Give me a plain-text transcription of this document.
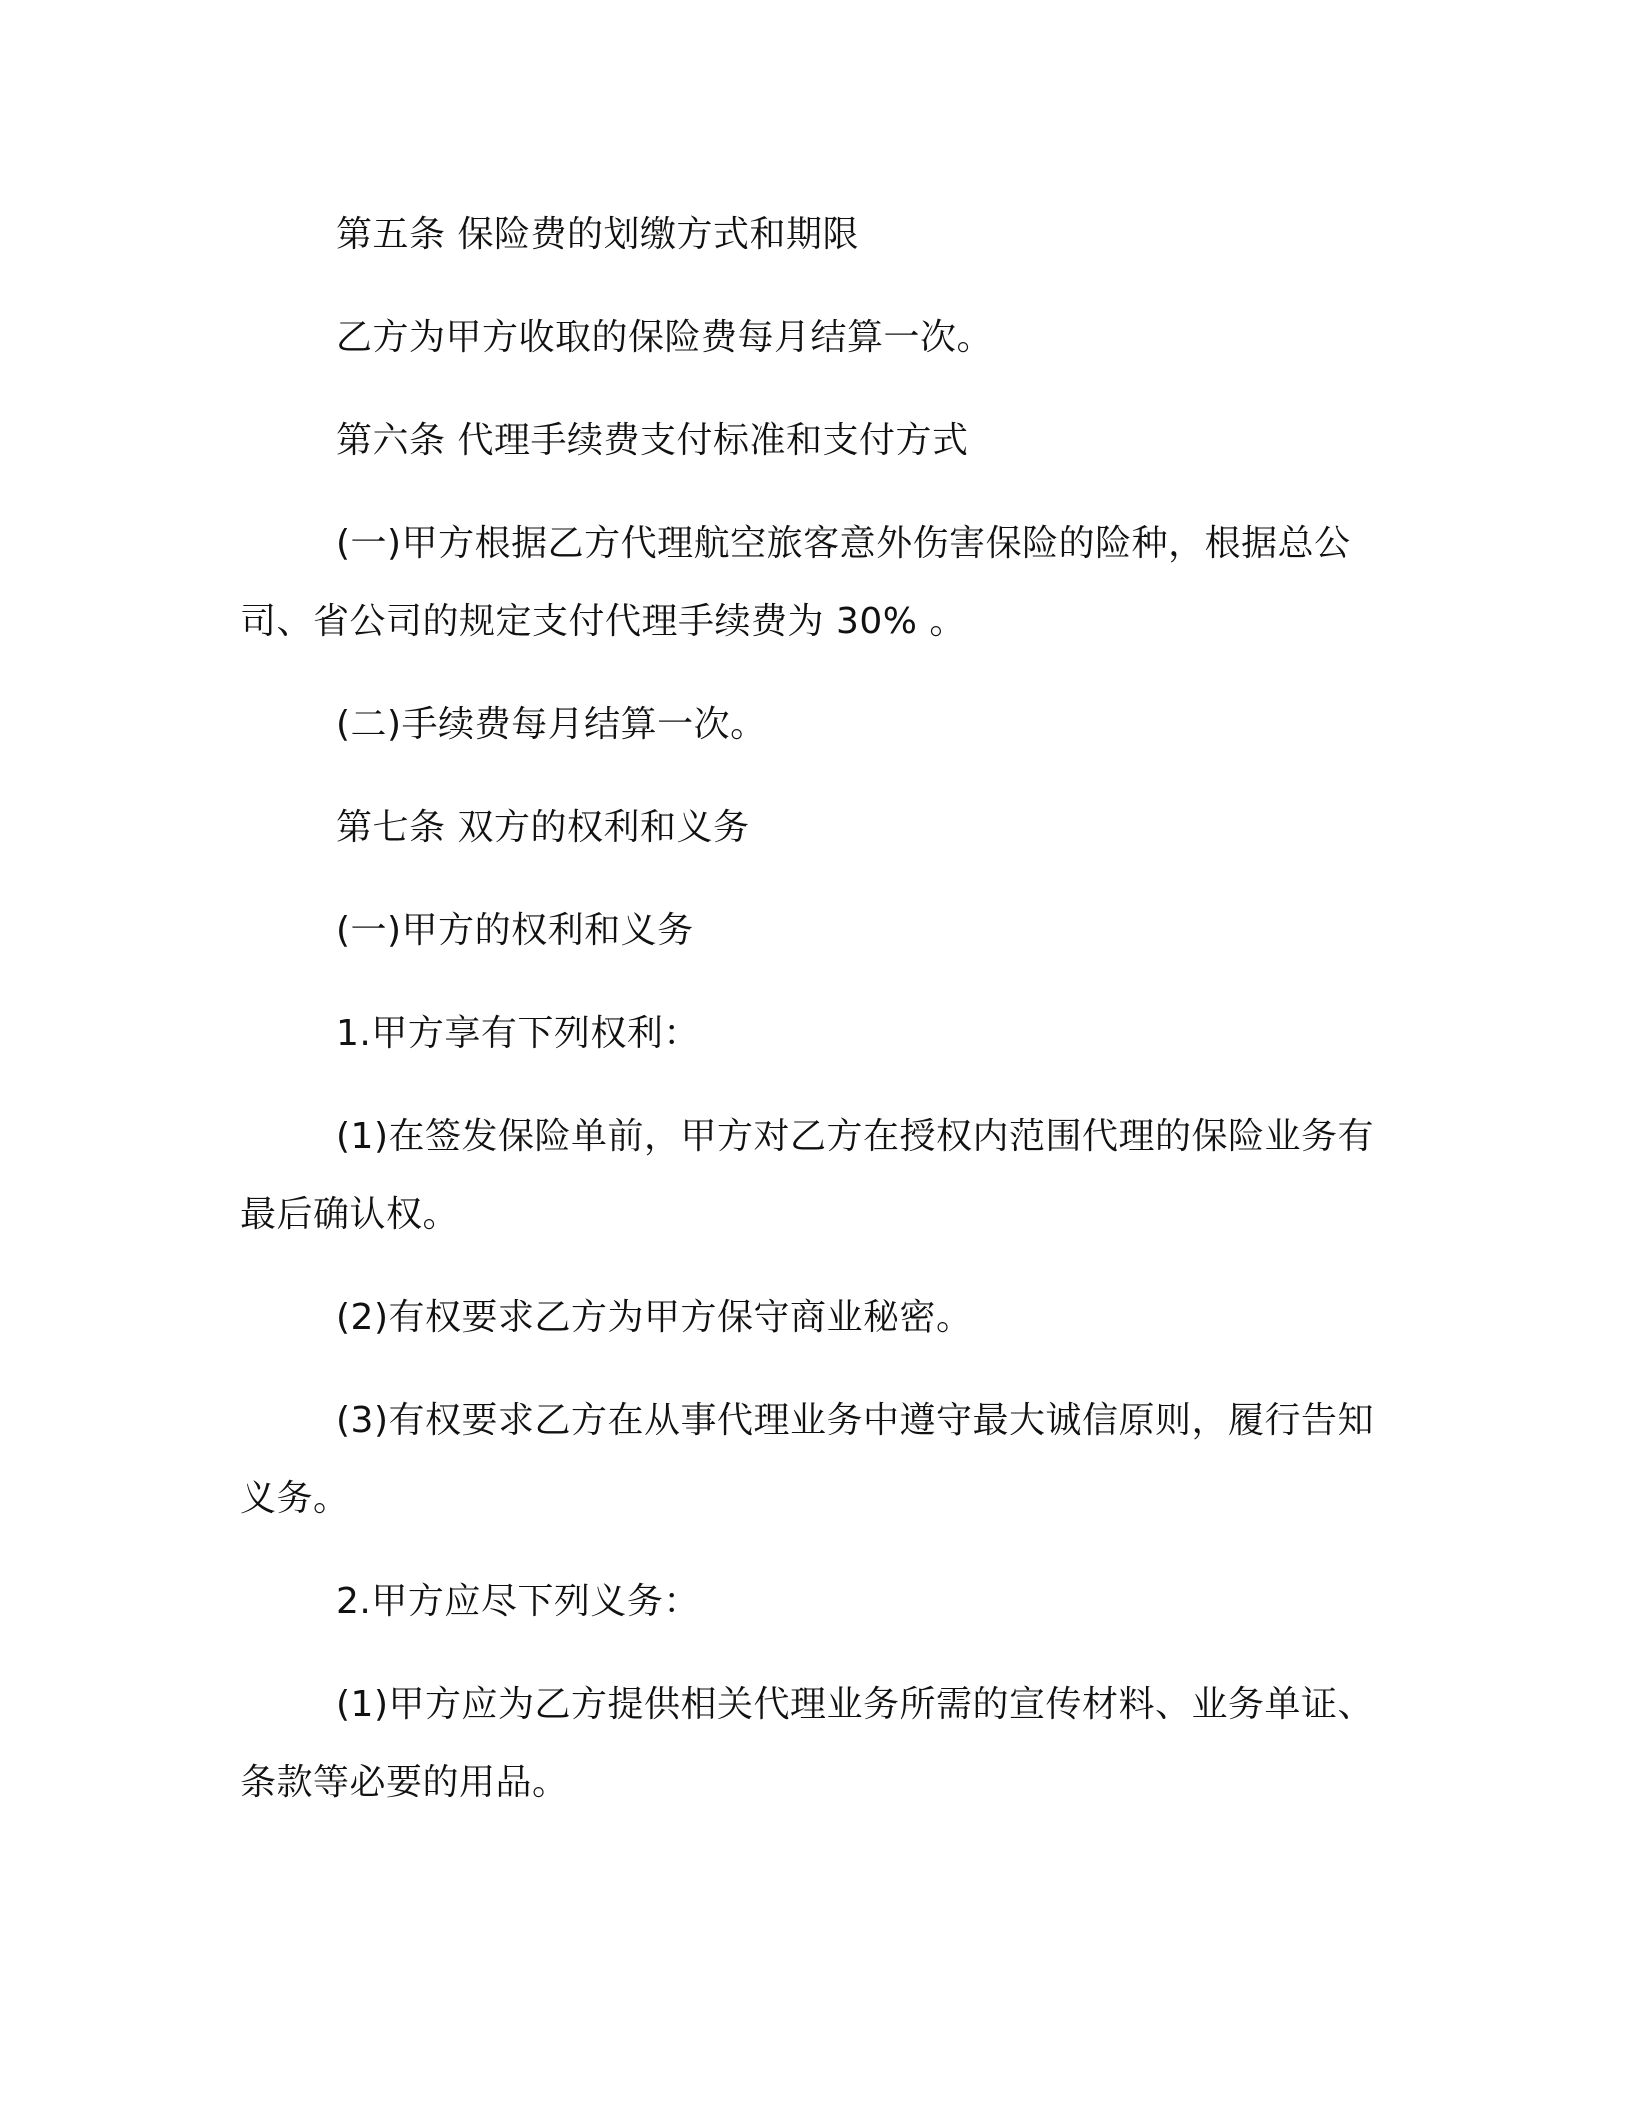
第五条 保险费的划缴方式和期限

乙方为甲方收取的保险费每月结算一次。

第六条 代理手续费支付标准和支付方式

(一)甲方根据乙方代理航空旅客意外伤害保险的险种，根据总公司、省公司的规定支付代理手续费为 30% 。

(二)手续费每月结算一次。

第七条 双方的权利和义务

(一)甲方的权利和义务

1.甲方享有下列权利：

(1)在签发保险单前，甲方对乙方在授权内范围代理的保险业务有最后确认权。

(2)有权要求乙方为甲方保守商业秘密。

(3)有权要求乙方在从事代理业务中遵守最大诚信原则，履行告知义务。

2.甲方应尽下列义务：

(1)甲方应为乙方提供相关代理业务所需的宣传材料、业务单证、条款等必要的用品。
